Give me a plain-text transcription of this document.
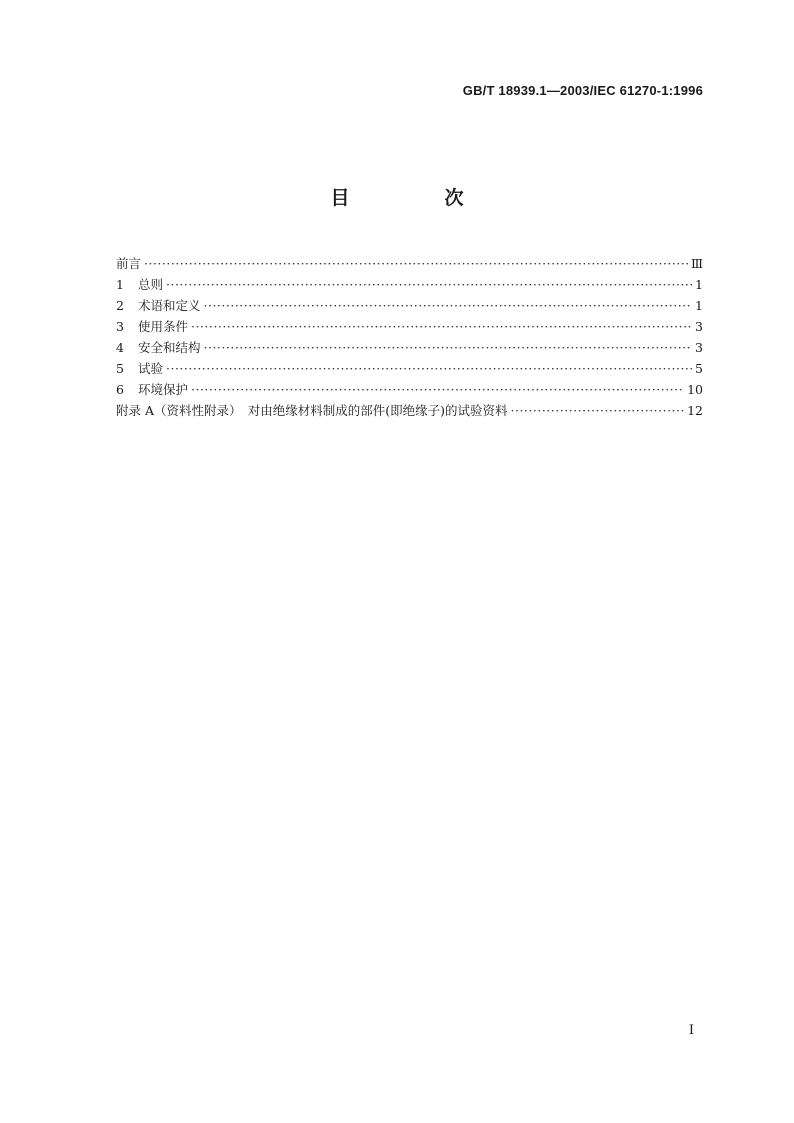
GB/T 18939.1—2003/IEC 61270-1:1996
目　次
前言 ·····	Ⅲ
1 总则 ·····	1
2 术语和定义 ·····	1
3 使用条件 ·····	3
4 安全和结构 ·····	3
5 试验 ·····	5
6 环境保护 ·····	10
附录 A（资料性附录）　对由绝缘材料制成的部件(即绝缘子)的试验资料 ·····	12
I
